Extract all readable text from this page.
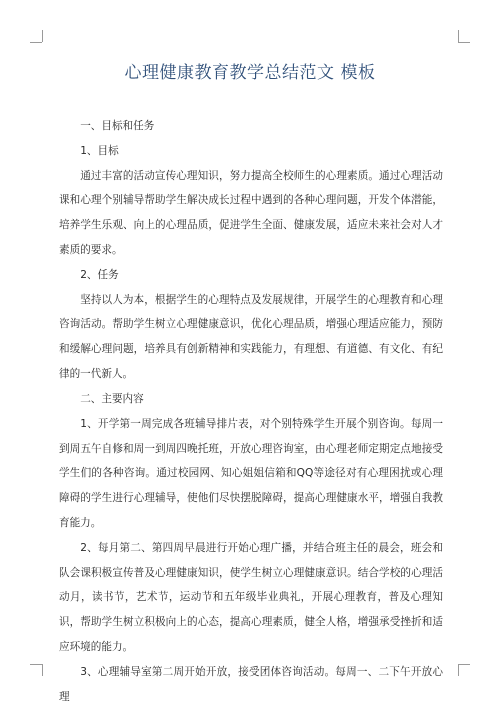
心理健康教育教学总结范文 模板

一、目标和任务

1、目标

通过丰富的活动宣传心理知识，努力提高全校师生的心理素质。通过心理活动课和心理个别辅导帮助学生解决成长过程中遇到的各种心理问题，开发个体潜能，培养学生乐观、向上的心理品质，促进学生全面、健康发展，适应未来社会对人才素质的要求。

2、任务

坚持以人为本，根据学生的心理特点及发展规律，开展学生的心理教育和心理咨询活动。帮助学生树立心理健康意识，优化心理品质，增强心理适应能力，预防和缓解心理问题，培养具有创新精神和实践能力，有理想、有道德、有文化、有纪律的一代新人。

二、主要内容

1、开学第一周完成各班辅导排片表，对个别特殊学生开展个别咨询。每周一到周五午自修和周一到周四晚托班，开放心理咨询室，由心理老师定期定点地接受学生们的各种咨询。通过校园网、知心姐姐信箱和QQ等途径对有心理困扰或心理障碍的学生进行心理辅导，使他们尽快摆脱障碍，提高心理健康水平，增强自我教育能力。

2、每月第二、第四周早晨进行开始心理广播，并结合班主任的晨会，班会和队会课积极宣传普及心理健康知识，使学生树立心理健康意识。结合学校的心理活动月，读书节，艺术节，运动节和五年级毕业典礼，开展心理教育，普及心理知识，帮助学生树立积极向上的心态，提高心理素质，健全人格，增强承受挫折和适应环境的能力。

3、心理辅导室第二周开始开放，接受团体咨询活动。每周一、二下午开放心理
